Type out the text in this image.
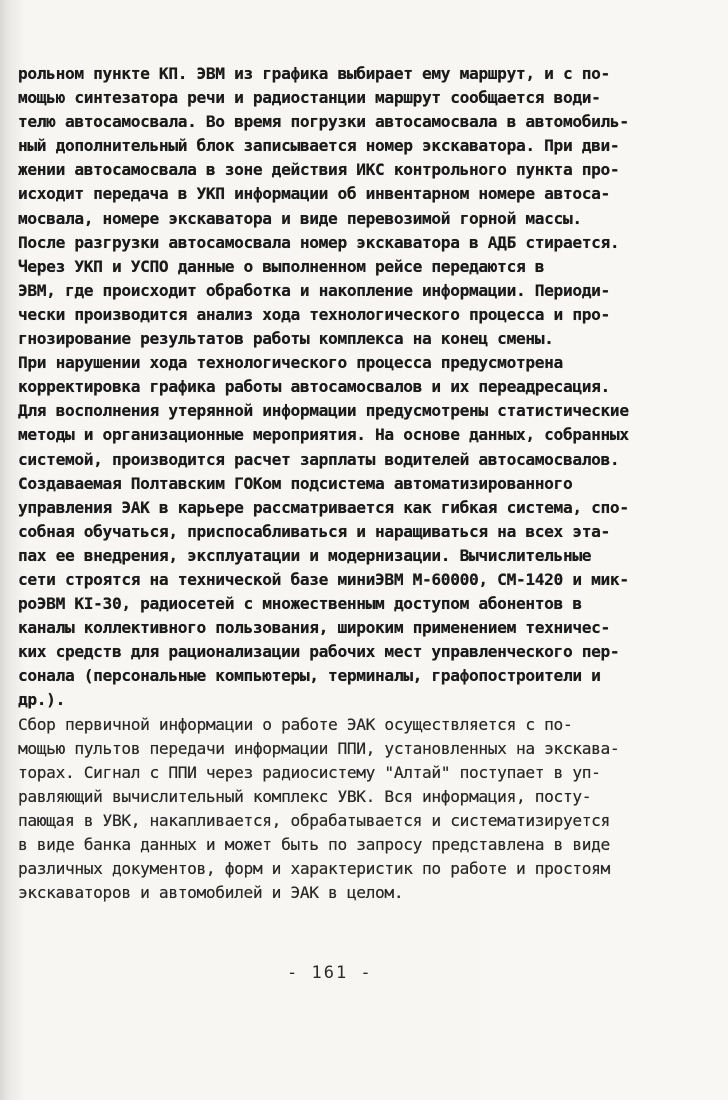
рольном пункте КП. ЭВМ из графика выбирает ему маршрут, и с по-
мощью синтезатора речи и радиостанции маршрут сообщается води-
телю автосамосвала. Во время погрузки автосамосвала в автомобиль-
ный дополнительный блок записывается номер экскаватора. При дви-
жении автосамосвала в зоне действия ИКС контрольного пункта про-
исходит передача в УКП информации об инвентарном номере автоса-
мосвала, номере экскаватора и виде перевозимой горной массы.
После разгрузки автосамосвала номер экскаватора в АДБ стирается.
Через УКП и УСПО данные о выполненном рейсе передаются в
ЭВМ, где происходит обработка и накопление информации. Периоди-
чески производится анализ хода технологического процесса и про-
гнозирование результатов работы комплекса на конец смены.
При нарушении хода технологического процесса предусмотрена
корректировка графика работы автосамосвалов и их переадресация.
Для восполнения утерянной информации предусмотрены статистические
методы и организационные мероприятия. На основе данных, собранных
системой, производится расчет зарплаты водителей автосамосвалов.
Создаваемая Полтавским ГОКом подсистема автоматизированного
управления ЭАК в карьере рассматривается как гибкая система, спо-
собная обучаться, приспосабливаться и наращиваться на всех эта-
пах ее внедрения, эксплуатации и модернизации. Вычислительные
сети строятся на технической базе миниЭВМ М-60000, СМ-1420 и мик-
роЭВМ КI-30, радиосетей с множественным доступом абонентов в
каналы коллективного пользования, широким применением техничес-
ких средств для рационализации рабочих мест управленческого пер-
сонала (персональные компьютеры, терминалы, графопостроители и
др.).
Сбор первичной информации о работе ЭАК осуществляется с по-
мощью пультов передачи информации ППИ, установленных на экскава-
торах. Сигнал с ППИ через радиосистему "Алтай" поступает в уп-
равляющий вычислительный комплекс УВК. Вся информация, посту-
пающая в УВК, накапливается, обрабатывается и систематизируется
в виде банка данных и может быть по запросу представлена в виде
различных документов, форм и характеристик по работе и простоям
экскаваторов и автомобилей и ЭАК в целом.
- 161 -
